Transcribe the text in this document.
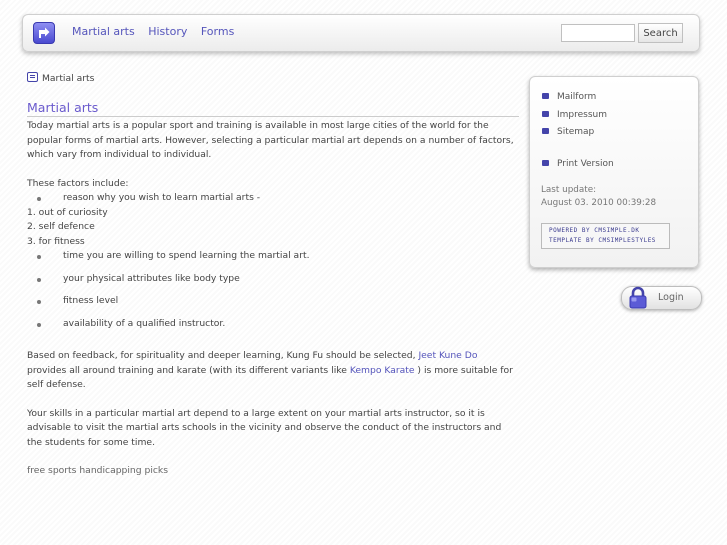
Martial arts History Forms	Search
Martial arts
Martial arts

Today martial arts is a popular sport and training is available in most large cities of the world for the popular forms of martial arts. However, selecting a particular martial art depends on a number of factors, which vary from individual to individual.

These factors include:

reason why you wish to learn martial arts -
1. out of curiosity
2. self defence
3. for fitness
time you are willing to spend learning the martial art.
your physical attributes like body type
fitness level
availability of a qualified instructor.

Based on feedback, for spirituality and deeper learning, Kung Fu should be selected, Jeet Kune Do provides all around training and karate (with its different variants like Kempo Karate ) is more suitable for self defense.

Your skills in a particular martial art depend to a large extent on your martial arts instructor, so it is advisable to visit the martial arts schools in the vicinity and observe the conduct of the instructors and the students for some time.

free sports handicapping picks

Mailform
Impressum
Sitemap
Print Version
Last update:
August 03. 2010 00:39:28
POWERED BY CMSIMPLE.DK
TEMPLATE BY CMSIMPLESTYLES
Login
